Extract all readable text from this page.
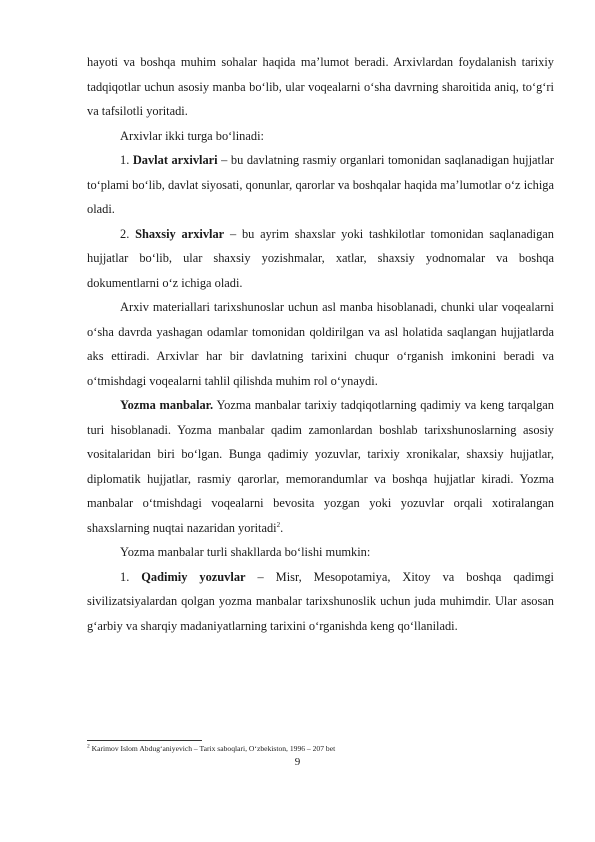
hayoti va boshqa muhim sohalar haqida ma’lumot beradi. Arxivlardan foydalanish tarixiy tadqiqotlar uchun asosiy manba bo‘lib, ular voqealarni o‘sha davrning sharoitida aniq, to‘g‘ri va tafsilotli yoritadi.

Arxivlar ikki turga bo‘linadi:

1. Davlat arxivlari – bu davlatning rasmiy organlari tomonidan saqlanadigan hujjatlar to‘plami bo‘lib, davlat siyosati, qonunlar, qarorlar va boshqalar haqida ma’lumotlar o‘z ichiga oladi.

2. Shaxsiy arxivlar – bu ayrim shaxslar yoki tashkilotlar tomonidan saqlanadigan hujjatlar bo‘lib, ular shaxsiy yozishmalar, xatlar, shaxsiy yodnomalar va boshqa dokumentlarni o‘z ichiga oladi.

Arxiv materiallari tarixshunoslar uchun asl manba hisoblanadi, chunki ular voqealarni o‘sha davrda yashagan odamlar tomonidan qoldirilgan va asl holatida saqlangan hujjatlarda aks ettiradi. Arxivlar har bir davlatning tarixini chuqur o‘rganish imkonini beradi va o‘tmishdagi voqealarni tahlil qilishda muhim rol o‘ynaydi.

Yozma manbalar. Yozma manbalar tarixiy tadqiqotlarning qadimiy va keng tarqalgan turi hisoblanadi. Yozma manbalar qadim zamonlardan boshlab tarixshunoslarning asosiy vositalaridan biri bo‘lgan. Bunga qadimiy yozuvlar, tarixiy xronikalar, shaxsiy hujjatlar, diplomatik hujjatlar, rasmiy qarorlar, memorandumlar va boshqa hujjatlar kiradi. Yozma manbalar o‘tmishdagi voqealarni bevosita yozgan yoki yozuvlar orqali xotiralangan shaxslarning nuqtai nazaridan yoritadi$^2$.

Yozma manbalar turli shakllarda bo‘lishi mumkin:

1. Qadimiy yozuvlar – Misr, Mesopotamiya, Xitoy va boshqa qadimgi sivilizatsiyalardan qolgan yozma manbalar tarixshunoslik uchun juda muhimdir. Ular asosan g‘arbiy va sharqiy madaniyatlarning tarixini o‘rganishda keng qo‘llaniladi.

$^2$ Karimov Islom Abdug‘aniyevich – Tarix saboqlari, O‘zbekiston, 1996 – 207 bet
9
